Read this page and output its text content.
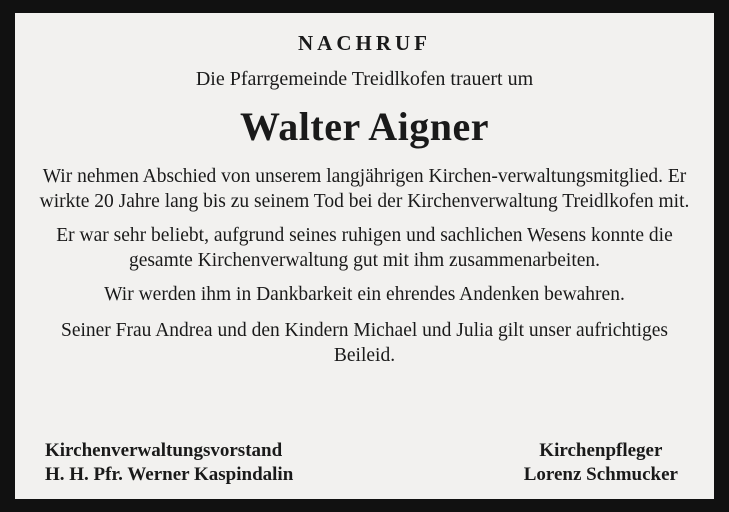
NACHRUF
Die Pfarrgemeinde Treidlkofen trauert um
Walter Aigner
Wir nehmen Abschied von unserem langjährigen Kirchen-verwaltungsmitglied. Er wirkte 20 Jahre lang bis zu seinem Tod bei der Kirchenverwaltung Treidlkofen mit.
Er war sehr beliebt, aufgrund seines ruhigen und sachlichen Wesens konnte die gesamte Kirchenverwaltung gut mit ihm zusammenarbeiten.
Wir werden ihm in Dankbarkeit ein ehrendes Andenken bewahren.
Seiner Frau Andrea und den Kindern Michael und Julia gilt unser aufrichtiges Beileid.
Kirchenverwaltungsvorstand
H. H. Pfr. Werner Kaspindalin
Kirchenpfleger
Lorenz Schmucker
